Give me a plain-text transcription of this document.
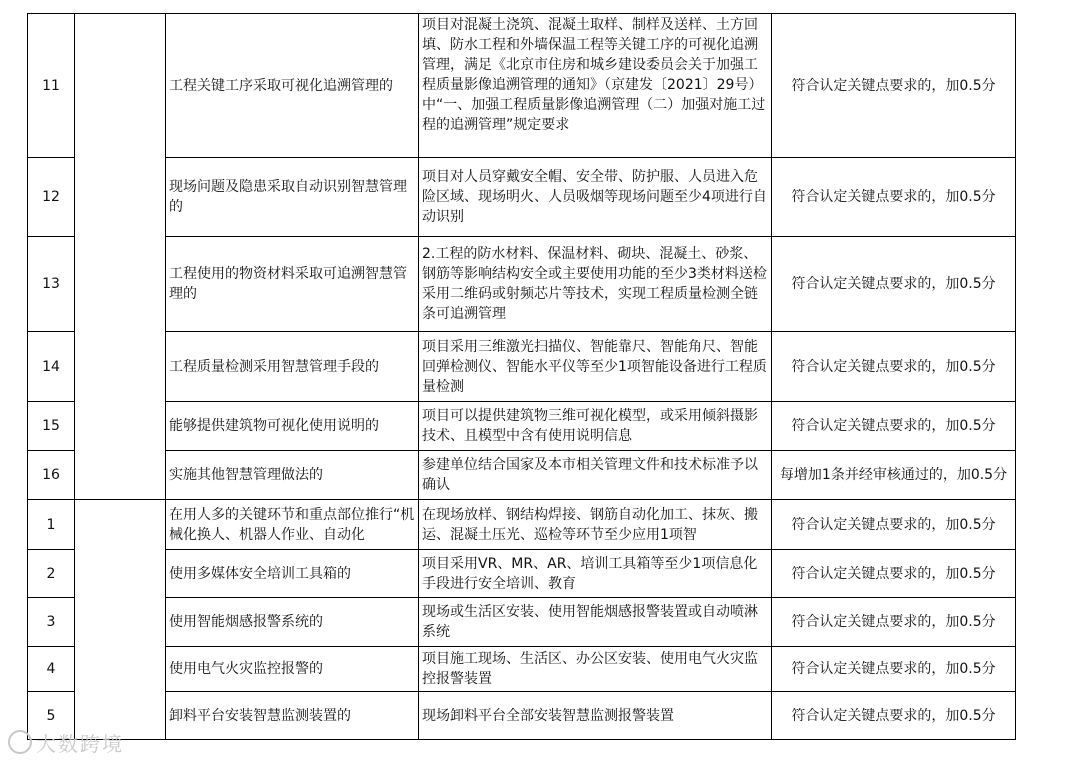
11		工程关键工序采取可视化追溯管理的	项目对混凝土浇筑、混凝土取样、制样及送样、土方回填、防水工程和外墙保温工程等关键工序的可视化追溯管理，满足《北京市住房和城乡建设委员会关于加强工程质量影像追溯管理的通知》（京建发〔2021〕29号）中“一、加强工程质量影像追溯管理（二）加强对施工过程的追溯管理”规定要求	符合认定关键点要求的，加0.5分
12		现场问题及隐患采取自动识别智慧管理的	项目对人员穿戴安全帽、安全带、防护服、人员进入危险区域、现场明火、人员吸烟等现场问题至少4项进行自动识别	符合认定关键点要求的，加0.5分
13		工程使用的物资材料采取可追溯智慧管理的	2.工程的防水材料、保温材料、砌块、混凝土、砂浆、钢筋等影响结构安全或主要使用功能的至少3类材料送检采用二维码或射频芯片等技术，实现工程质量检测全链条可追溯管理	符合认定关键点要求的，加0.5分
14		工程质量检测采用智慧管理手段的	项目采用三维激光扫描仪、智能靠尺、智能角尺、智能回弹检测仪、智能水平仪等至少1项智能设备进行工程质量检测	符合认定关键点要求的，加0.5分
15		能够提供建筑物可视化使用说明的	项目可以提供建筑物三维可视化模型，或采用倾斜摄影技术、且模型中含有使用说明信息	符合认定关键点要求的，加0.5分
16		实施其他智慧管理做法的	参建单位结合国家及本市相关管理文件和技术标准予以确认	每增加1条并经审核通过的，加0.5分
1		在用人多的关键环节和重点部位推行“机械化换人、机器人作业、自动化	在现场放样、钢结构焊接、钢筋自动化加工、抹灰、搬运、混凝土压光、巡检等环节至少应用1项智	符合认定关键点要求的，加0.5分
2		使用多媒体安全培训工具箱的	项目采用VR、MR、AR、培训工具箱等至少1项信息化手段进行安全培训、教育	符合认定关键点要求的，加0.5分
3		使用智能烟感报警系统的	现场或生活区安装、使用智能烟感报警装置或自动喷淋系统	符合认定关键点要求的，加0.5分
4		使用电气火灾监控报警的	项目施工现场、生活区、办公区安装、使用电气火灾监控报警装置	符合认定关键点要求的，加0.5分
5		卸料平台安装智慧监测装置的	现场卸料平台全部安装智慧监测报警装置	符合认定关键点要求的，加0.5分
大数跨境
